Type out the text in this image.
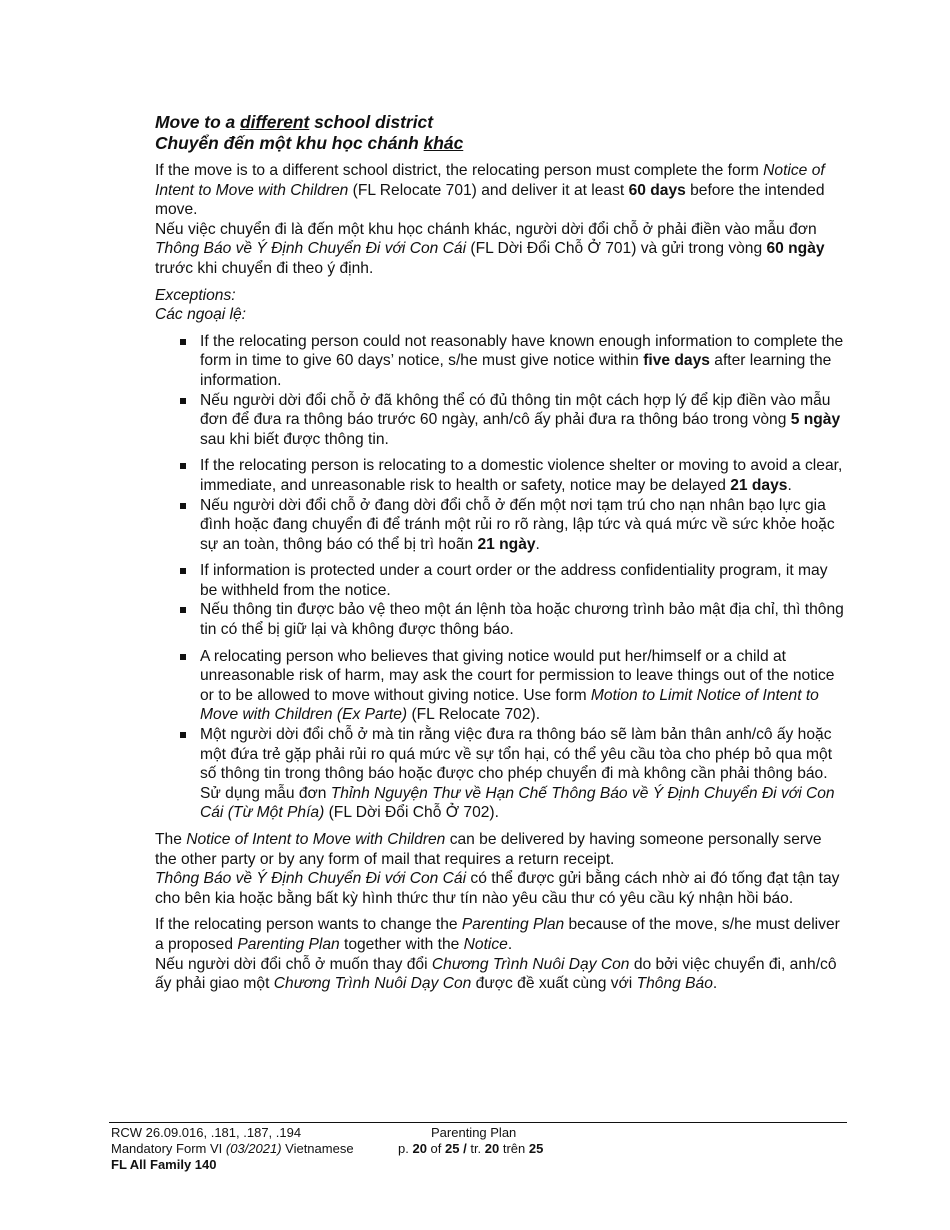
Move to a different school district
Chuyển đến một khu học chánh khác

If the move is to a different school district, the relocating person must complete the form Notice of Intent to Move with Children (FL Relocate 701) and deliver it at least 60 days before the intended move.

Nếu việc chuyển đi là đến một khu học chánh khác, người dời đổi chỗ ở phải điền vào mẫu đơn Thông Báo về Ý Định Chuyển Đi với Con Cái (FL Dời Đổi Chỗ Ở 701) và gửi trong vòng 60 ngày trước khi chuyển đi theo ý định.

Exceptions:

Các ngoại lệ:

If the relocating person could not reasonably have known enough information to complete the form in time to give 60 days’ notice, s/he must give notice within five days after learning the information.
Nếu người dời đổi chỗ ở đã không thể có đủ thông tin một cách hợp lý để kịp điền vào mẫu đơn để đưa ra thông báo trước 60 ngày, anh/cô ấy phải đưa ra thông báo trong vòng 5 ngày sau khi biết được thông tin.
If the relocating person is relocating to a domestic violence shelter or moving to avoid a clear, immediate, and unreasonable risk to health or safety, notice may be delayed 21 days.
Nếu người dời đổi chỗ ở đang dời đổi chỗ ở đến một nơi tạm trú cho nạn nhân bạo lực gia đình hoặc đang chuyển đi để tránh một rủi ro rõ ràng, lập tức và quá mức về sức khỏe hoặc sự an toàn, thông báo có thể bị trì hoãn 21 ngày.
If information is protected under a court order or the address confidentiality program, it may be withheld from the notice.
Nếu thông tin được bảo vệ theo một án lệnh tòa hoặc chương trình bảo mật địa chỉ, thì thông tin có thể bị giữ lại và không được thông báo.
A relocating person who believes that giving notice would put her/himself or a child at unreasonable risk of harm, may ask the court for permission to leave things out of the notice or to be allowed to move without giving notice. Use form Motion to Limit Notice of Intent to Move with Children (Ex Parte) (FL Relocate 702).
Một người dời đổi chỗ ở mà tin rằng việc đưa ra thông báo sẽ làm bản thân anh/cô ấy hoặc một đứa trẻ gặp phải rủi ro quá mức về sự tổn hại, có thể yêu cầu tòa cho phép bỏ qua một số thông tin trong thông báo hoặc được cho phép chuyển đi mà không cần phải thông báo. Sử dụng mẫu đơn Thỉnh Nguyện Thư về Hạn Chế Thông Báo về Ý Định Chuyển Đi với Con Cái (Từ Một Phía) (FL Dời Đổi Chỗ Ở 702).

The Notice of Intent to Move with Children can be delivered by having someone personally serve the other party or by any form of mail that requires a return receipt.

Thông Báo về Ý Định Chuyển Đi với Con Cái có thể được gửi bằng cách nhờ ai đó tống đạt tận tay cho bên kia hoặc bằng bất kỳ hình thức thư tín nào yêu cầu thư có yêu cầu ký nhận hồi báo.

If the relocating person wants to change the Parenting Plan because of the move, s/he must deliver a proposed Parenting Plan together with the Notice.

Nếu người dời đổi chỗ ở muốn thay đổi Chương Trình Nuôi Dạy Con do bởi việc chuyển đi, anh/cô ấy phải giao một Chương Trình Nuôi Dạy Con được đề xuất cùng với Thông Báo.

RCW 26.09.016, .181, .187, .194
Mandatory Form VI (03/2021) Vietnamese
FL All Family 140
Parenting Plan
p. 20 of 25 / tr. 20 trên 25
